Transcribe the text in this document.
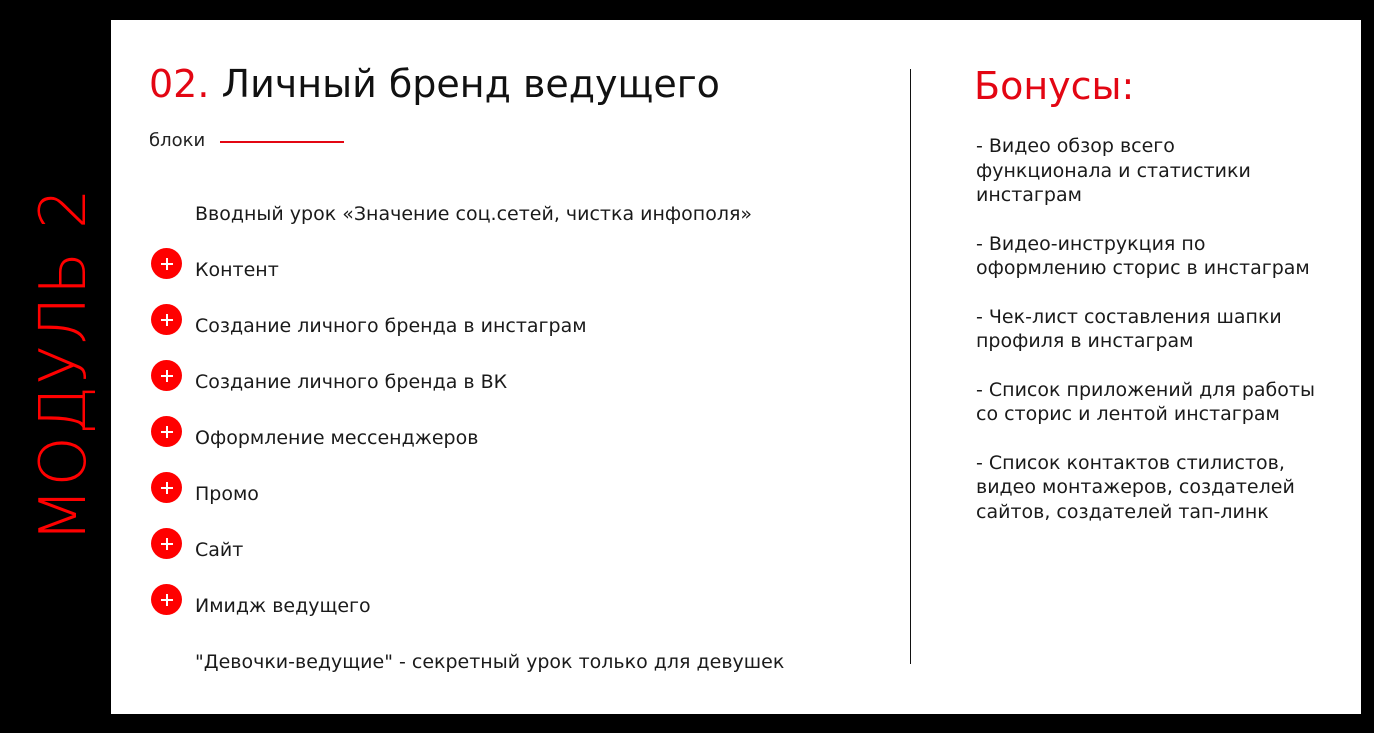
МОДУЛЬ 2
02. Личный бренд ведущего
блоки
Вводный урок «Значение соц.сетей, чистка инфополя»
Контент
Создание личного бренда в инстаграм
Создание личного бренда в ВК
Оформление мессенджеров
Промо
Сайт
Имидж ведущего
"Девочки-ведущие" - секретный урок только для девушек
Бонусы:
- Видео обзор всего функционала и статистики инстаграм
- Видео-инструкция по оформлению сторис в инстаграм
- Чек-лист составления шапки профиля в инстаграм
- Список приложений для работы со сторис и лентой инстаграм
- Список контактов стилистов, видео монтажеров, создателей сайтов, создателей тап-линк
